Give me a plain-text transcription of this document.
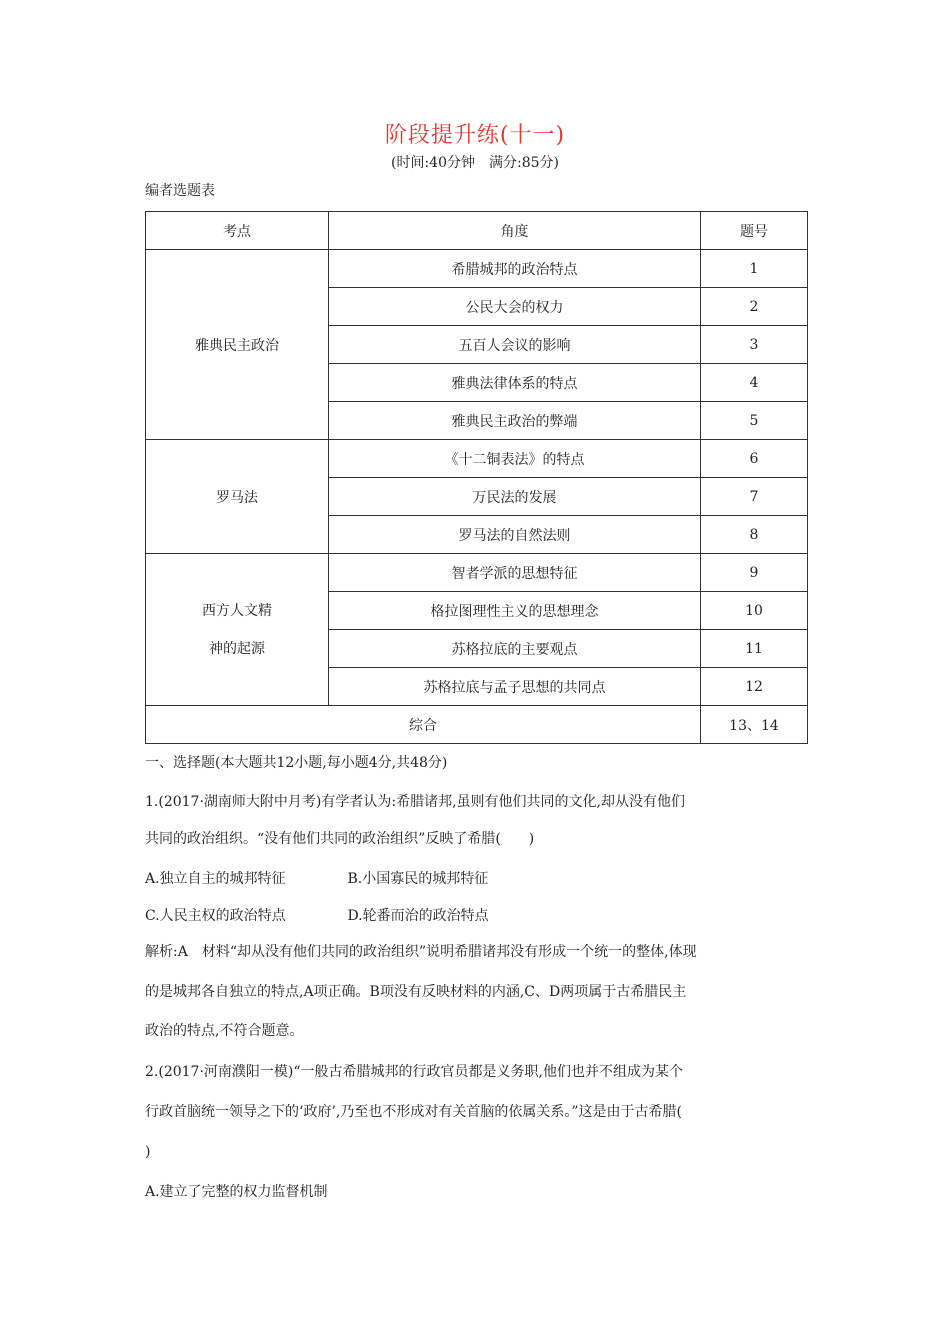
阶段提升练(十一)
(时间:40分钟　满分:85分)
编者选题表
考点	角度	题号
雅典民主政治	希腊城邦的政治特点	1
	公民大会的权力	2
	五百人会议的影响	3
	雅典法律体系的特点	4
	雅典民主政治的弊端	5
罗马法	《十二铜表法》的特点	6
	万民法的发展	7
	罗马法的自然法则	8

西方人文精
神的起源	智者学派的思想特征	9
	格拉图理性主义的思想理念	10
	苏格拉底的主要观点	11
	苏格拉底与孟子思想的共同点	12
综合		13、14
一、选择题(本大题共12小题,每小题4分,共48分)
1.(2017·湖南师大附中月考)有学者认为:希腊诸邦,虽则有他们共同的文化,却从没有他们
共同的政治组织。“没有他们共同的政治组织”反映了希腊(　　)
A.独立自主的城邦特征	B.小国寡民的城邦特征
C.人民主权的政治特点	D.轮番而治的政治特点
解析:A　材料“却从没有他们共同的政治组织”说明希腊诸邦没有形成一个统一的整体,体现
的是城邦各自独立的特点,A项正确。B项没有反映材料的内涵,C、D两项属于古希腊民主
政治的特点,不符合题意。
2.(2017·河南濮阳一模)“一般古希腊城邦的行政官员都是义务职,他们也并不组成为某个
行政首脑统一领导之下的‘政府’,乃至也不形成对有关首脑的依属关系。”这是由于古希腊(
)
A.建立了完整的权力监督机制
